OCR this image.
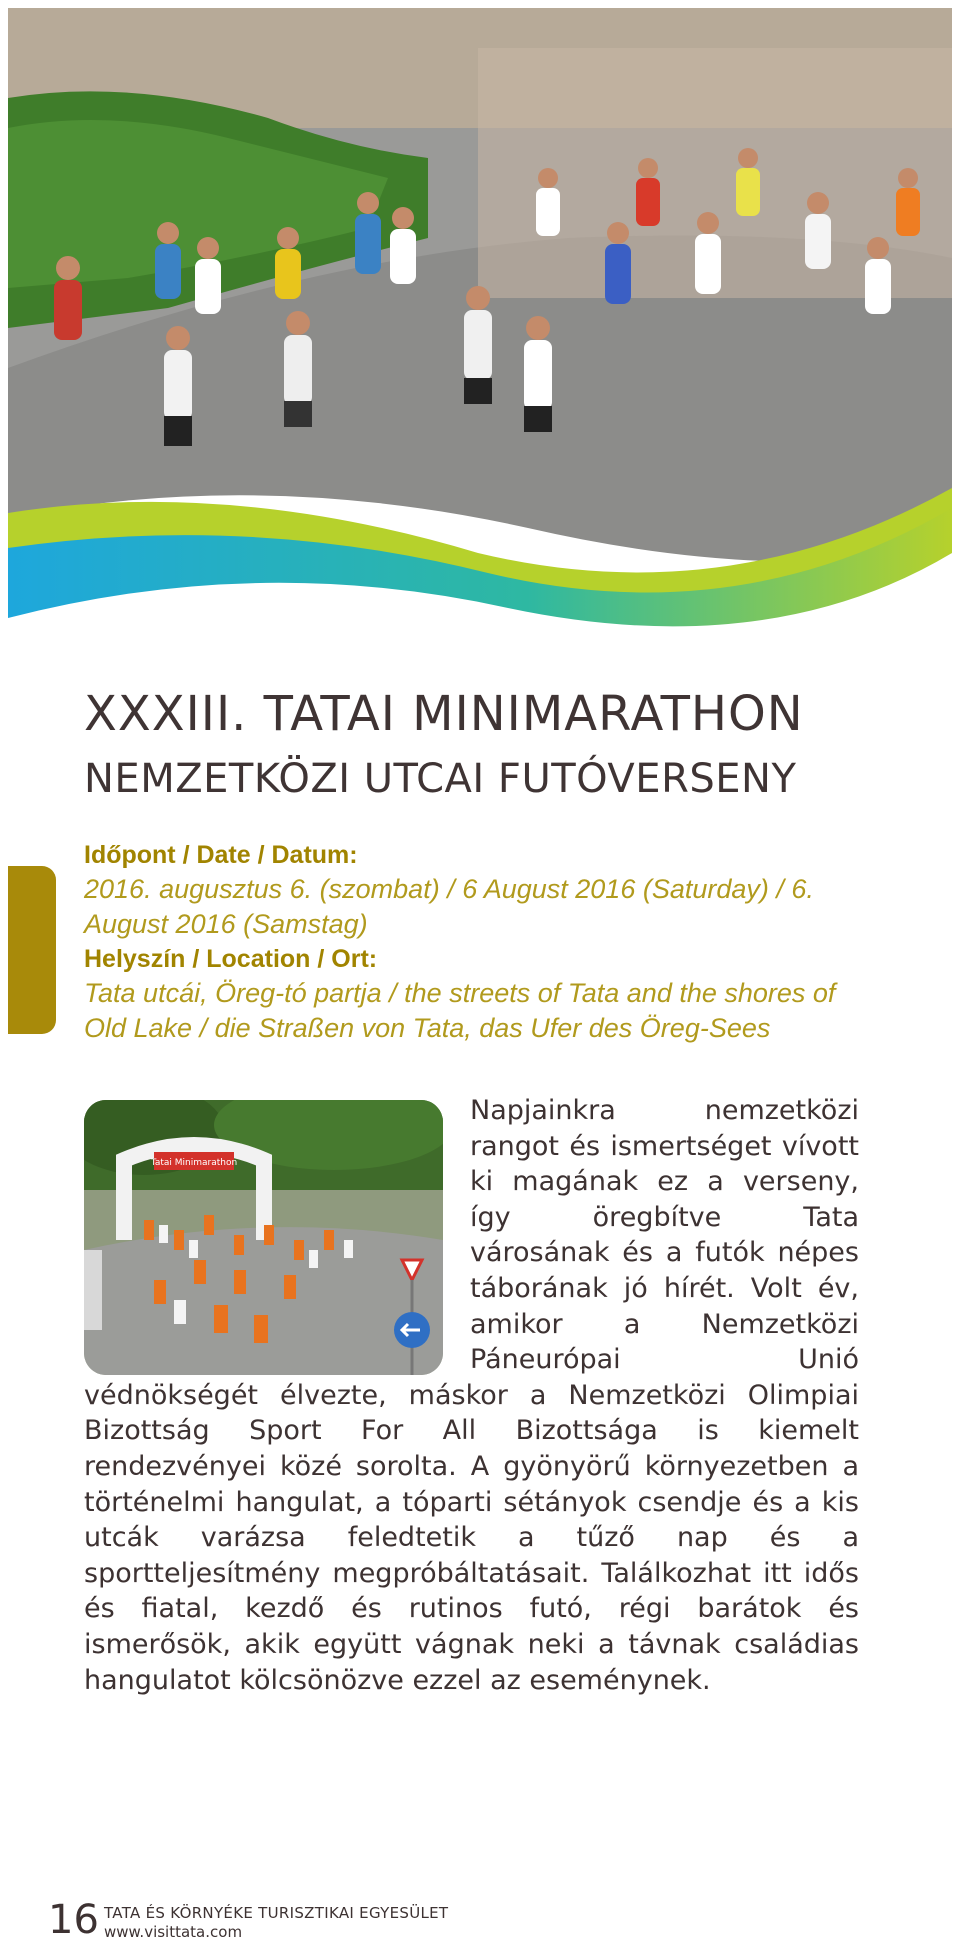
XXXIII. TATAI MINIMARATHON
NEMZETKÖZI UTCAI FUTÓVERSENY
Időpont / Date / Datum:

2016. augusztus 6. (szombat) / 6 August 2016 (Saturday) / 6. August 2016 (Samstag)

Helyszín / Location / Ort:

Tata utcái, Öreg-tó partja / the streets of Tata and the shores of Old Lake / die Straßen von Tata, das Ufer des Öreg-Sees

Tatai Minimarathon

Napjainkra nemzetközi rangot és ismertséget vívott ki magának ez a verseny, így öregbítve Tata városának és a futók népes táborának jó hírét. Volt év, amikor a Nemzetközi Páneurópai Unió védnökségét élvezte, máskor a Nemzetközi Olimpiai Bizottság Sport For All Bizottsága is kiemelt rendezvényei közé sorolta. A gyönyörű környezetben a történelmi hangulat, a tóparti sétányok csendje és a kis utcák varázsa feledtetik a tűző nap és a sportteljesítmény megpróbáltatásait. Találkozhat itt idős és fiatal, kezdő és rutinos futó, régi barátok és ismerősök, akik együtt vágnak neki a távnak családias hangulatot kölcsönözve ezzel az eseménynek.

16 TATA ÉS KÖRNYÉKE TURISZTIKAI EGYESÜLET
www.visittata.com
